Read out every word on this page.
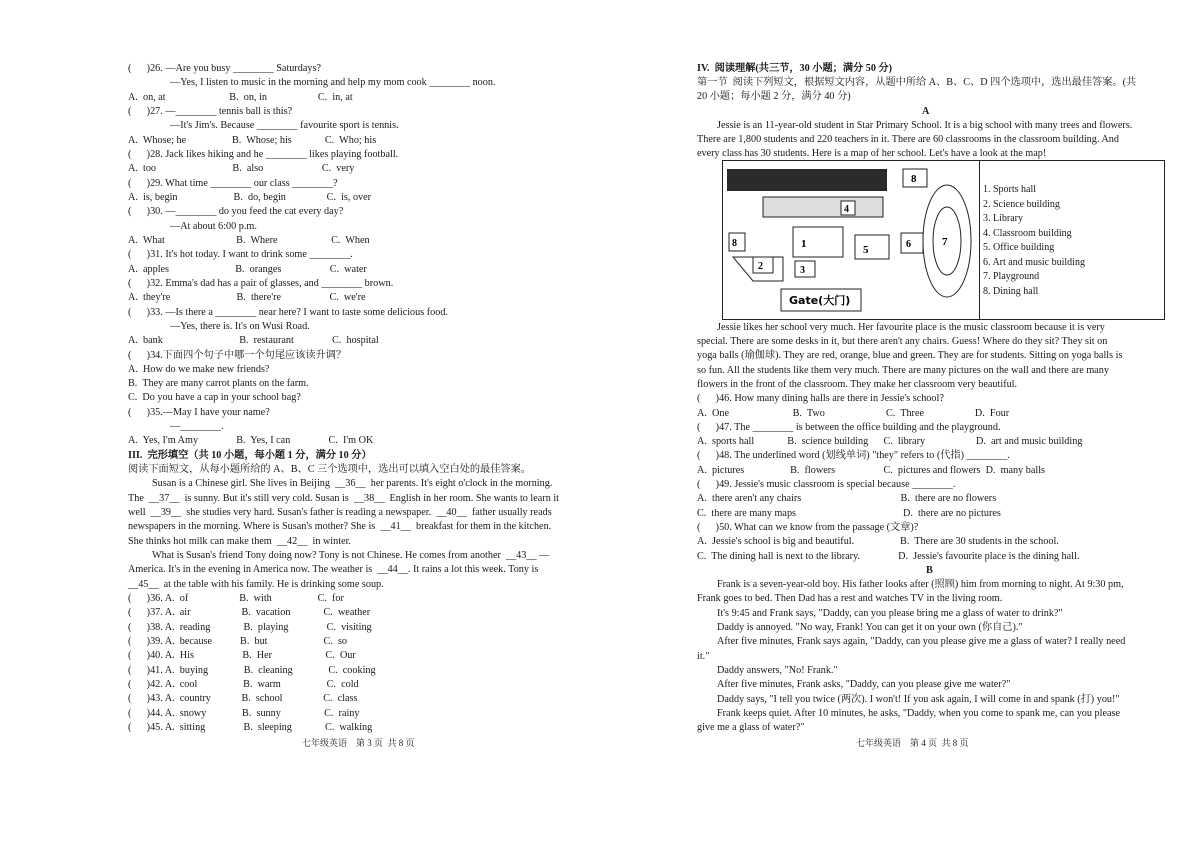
(      )26. —Are you busy ________ Saturdays?
—Yes, I listen to music in the morning and help my mom cook ________ noon.
A.  on, at                         B.  on, in                    C.  in, at
(      )27. —________ tennis ball is this?
—It's Jim's. Because ________ favourite sport is tennis.
A.  Whose; he                  B.  Whose; his             C.  Who; his
(      )28. Jack likes hiking and he ________ likes playing football.
A.  too                              B.  also                       C.  very
(      )29. What time ________ our class ________?
A.  is, begin                      B.  do, begin                C.  is, over
(      )30. —________ do you feed the cat every day?
—At about 6:00 p.m.
A.  What                            B.  Where                     C.  When
(      )31. It's hot today. I want to drink some ________.
A.  apples                          B.  oranges                   C.  water
(      )32. Emma's dad has a pair of glasses, and ________ brown.
A.  they're                          B.  there're                   C.  we're
(      )33. —Is there a ________ near here? I want to taste some delicious food.
—Yes, there is. It's on Wusi Road.
A.  bank                              B.  restaurant               C.  hospital
(      )34.下面四个句子中哪一个句尾应该读升调？
A.  How do we make new friends?
B.  They are many carrot plants on the farm.
C.  Do you have a cap in your school bag?
(      )35.—May I have your name?
—________.
A.  Yes, I'm Amy               B.  Yes, I can               C.  I'm OK
III.  完形填空（共 10 小题，每小题 1 分，满分 10 分）
阅读下面短文，从每小题所给的 A、B、C 三个选项中，选出可以填入空白处的最佳答案。
Susan is a Chinese girl. She lives in Beijing  __36__  her parents. It's eight o'clock in the morning.
The  __37__  is sunny. But it's still very cold. Susan is  __38__  English in her room. She wants to learn it
well  __39__  she studies very hard. Susan's father is reading a newspaper.  __40__  father usually reads
newspapers in the morning. Where is Susan's mother? She is  __41__  breakfast for them in the kitchen.
She thinks hot milk can make them  __42__  in winter.
What is Susan's friend Tony doing now? Tony is not Chinese. He comes from another  __43__ —
America. It's in the evening in America now. The weather is  __44__. It rains a lot this week. Tony is
__45__  at the table with his family. He is drinking some soup.
(      )36. A.  of                    B.  with                  C.  for
(      )37. A.  air                    B.  vacation             C.  weather
(      )38. A.  reading             B.  playing               C.  visiting
(      )39. A.  because           B.  but                      C.  so
(      )40. A.  His                   B.  Her                     C.  Our
(      )41. A.  buying              B.  cleaning              C.  cooking
(      )42. A.  cool                  B.  warm                  C.  cold
(      )43. A.  country            B.  school                C.  class
(      )44. A.  snowy              B.  sunny                 C.  rainy
(      )45. A.  sitting               B.  sleeping             C.  walking
七年级英语    第 3 页  共 8 页	七年级英语    第 4 页  共 8 页
IV.  阅读理解(共三节，30 小题；满分 50 分)
第一节  阅读下列短文，根据短文内容，从题中所给 A、B、C、D 四个选项中，选出最佳答案。(共
20 小题；每小题 2 分，满分 40 分)
A
Jessie is an 11-year-old student in Star Primary School. It is a big school with many trees and flowers.
There are 1,800 students and 220 teachers in it. There are 60 classrooms in the classroom building. And
every class has 30 students. Here is a map of her school. Let's have a look at the map!
Jessie likes her school very much. Her favourite place is the music classroom because it is very
special. There are some desks in it, but there aren't any chairs. Guess! Where do they sit? They sit on
yoga balls (瑜伽球). They are red, orange, blue and green. They are for students. Sitting on yoga balls is
so fun. All the students like them very much. There are many pictures on the wall and there are many
flowers in the front of the classroom. They make her classroom very beautiful.
(      )46. How many dining halls are there in Jessie's school?
A.  One                         B.  Two                        C.  Three                    D.  Four
(      )47. The ________ is between the office building and the playground.
A.  sports hall             B.  science building      C.  library                    D.  art and music building
(      )48. The underlined word (划线单词) "they" refers to (代指) ________.
A.  pictures                  B.  flowers                   C.  pictures and flowers  D.  many balls
(      )49. Jessie's music classroom is special because ________.
A.  there aren't any chairs                                       B.  there are no flowers
C.  there are many maps                                          D.  there are no pictures
(      )50. What can we know from the passage (文章)?
A.  Jessie's school is big and beautiful.                  B.  There are 30 students in the school.
C.  The dining hall is next to the library.               D.  Jessie's favourite place is the dining hall.
B
Frank is a seven-year-old boy. His father looks after (照顾) him from morning to night. At 9:30 pm,
Frank goes to bed. Then Dad has a rest and watches TV in the living room.
It's 9:45 and Frank says, "Daddy, can you please bring me a glass of water to drink?"
Daddy is annoyed. "No way, Frank! You can get it on your own (你自己)."
After five minutes, Frank says again, "Daddy, can you please give me a glass of water? I really need
it."
Daddy answers, "No! Frank."
After five minutes, Frank asks, "Daddy, can you please give me water?"
Daddy says, "I tell you twice (两次). I won't! If you ask again, I will come in and spank (打) you!"
Frank keeps quiet. After 10 minutes, he asks, "Daddy, when you come to spank me, can you please
give me a glass of water?"
8
4
1	5	6	7
8
2	3
Gate(大门)
1. Sports hall
2. Science building
3. Library
4. Classroom building
5. Office building
6. Art and music building
7. Playground
8. Dining hall
